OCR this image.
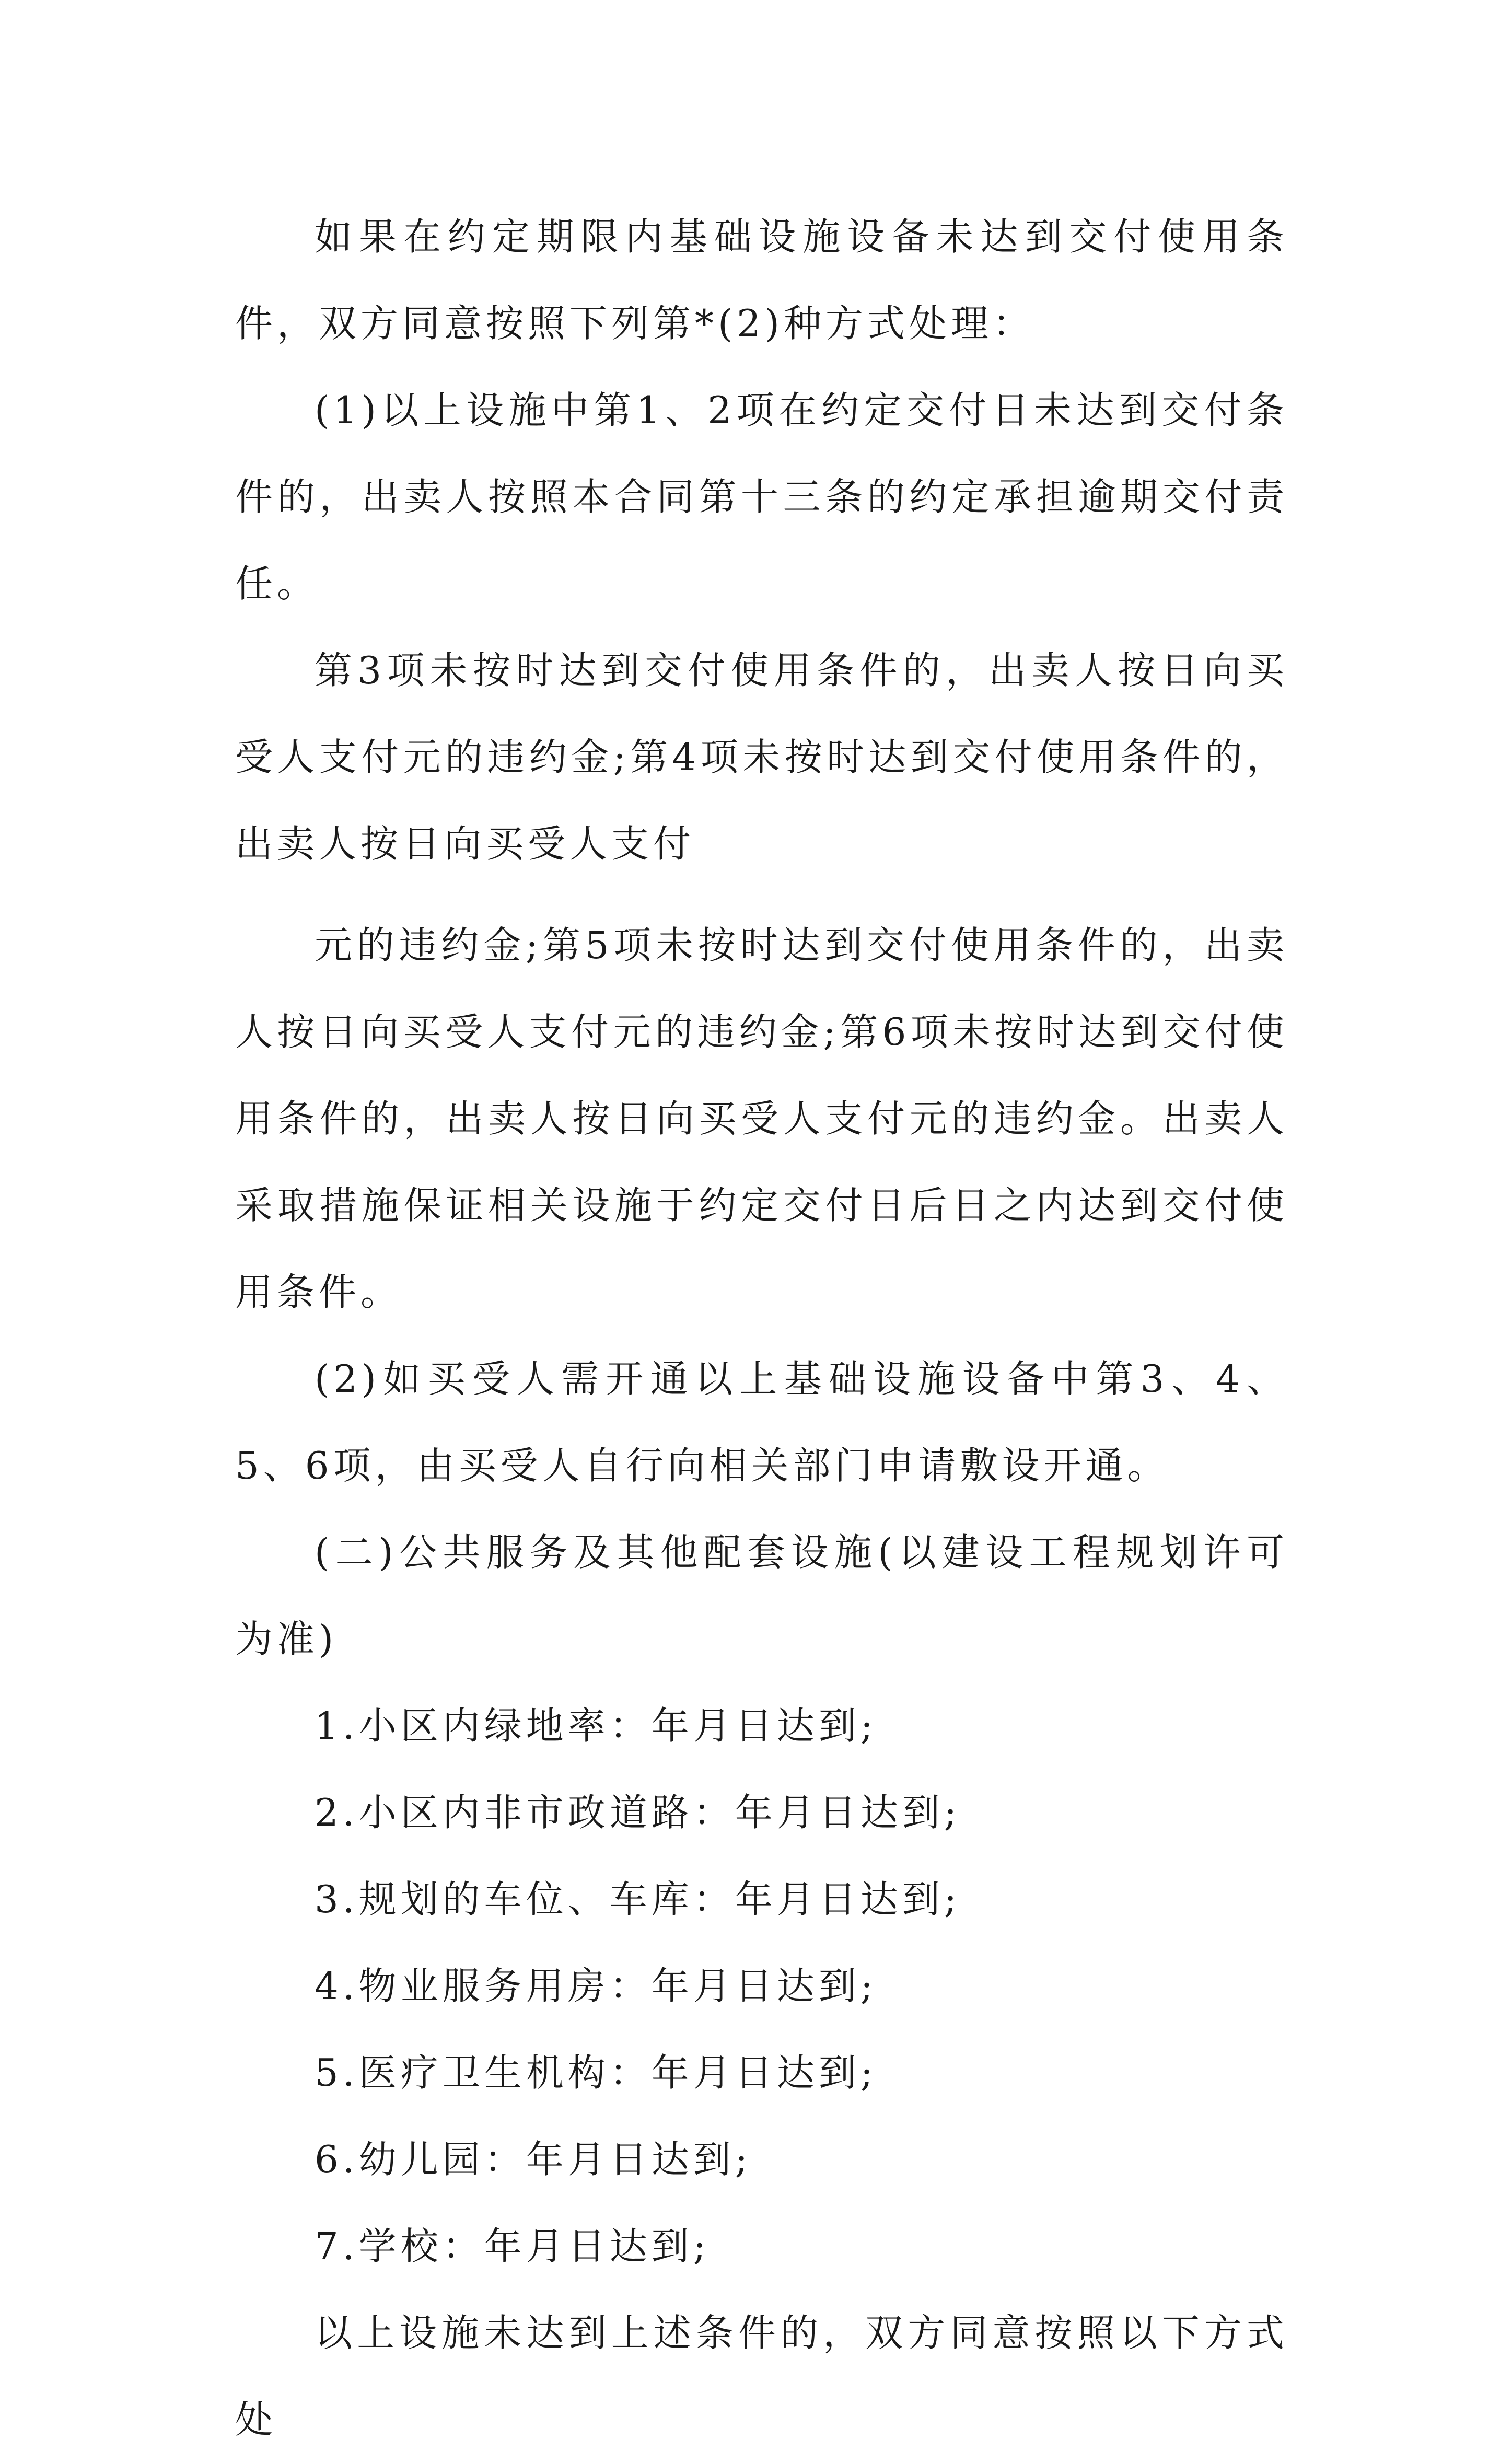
如果在约定期限内基础设施设备未达到交付使用条件，双方同意按照下列第*(2)种方式处理：

(1)以上设施中第1、2项在约定交付日未达到交付条件的，出卖人按照本合同第十三条的约定承担逾期交付责任。

第3项未按时达到交付使用条件的，出卖人按日向买受人支付元的违约金;第4项未按时达到交付使用条件的，出卖人按日向买受人支付

元的违约金;第5项未按时达到交付使用条件的，出卖人按日向买受人支付元的违约金;第6项未按时达到交付使用条件的，出卖人按日向买受人支付元的违约金。出卖人采取措施保证相关设施于约定交付日后日之内达到交付使用条件。

(2)如买受人需开通以上基础设施设备中第3、4、5、6项，由买受人自行向相关部门申请敷设开通。

(二)公共服务及其他配套设施(以建设工程规划许可为准)

1.小区内绿地率：年月日达到;

2.小区内非市政道路：年月日达到;

3.规划的车位、车库：年月日达到;

4.物业服务用房：年月日达到;

5.医疗卫生机构：年月日达到;

6.幼儿园：年月日达到;

7.学校：年月日达到;

以上设施未达到上述条件的，双方同意按照以下方式处
